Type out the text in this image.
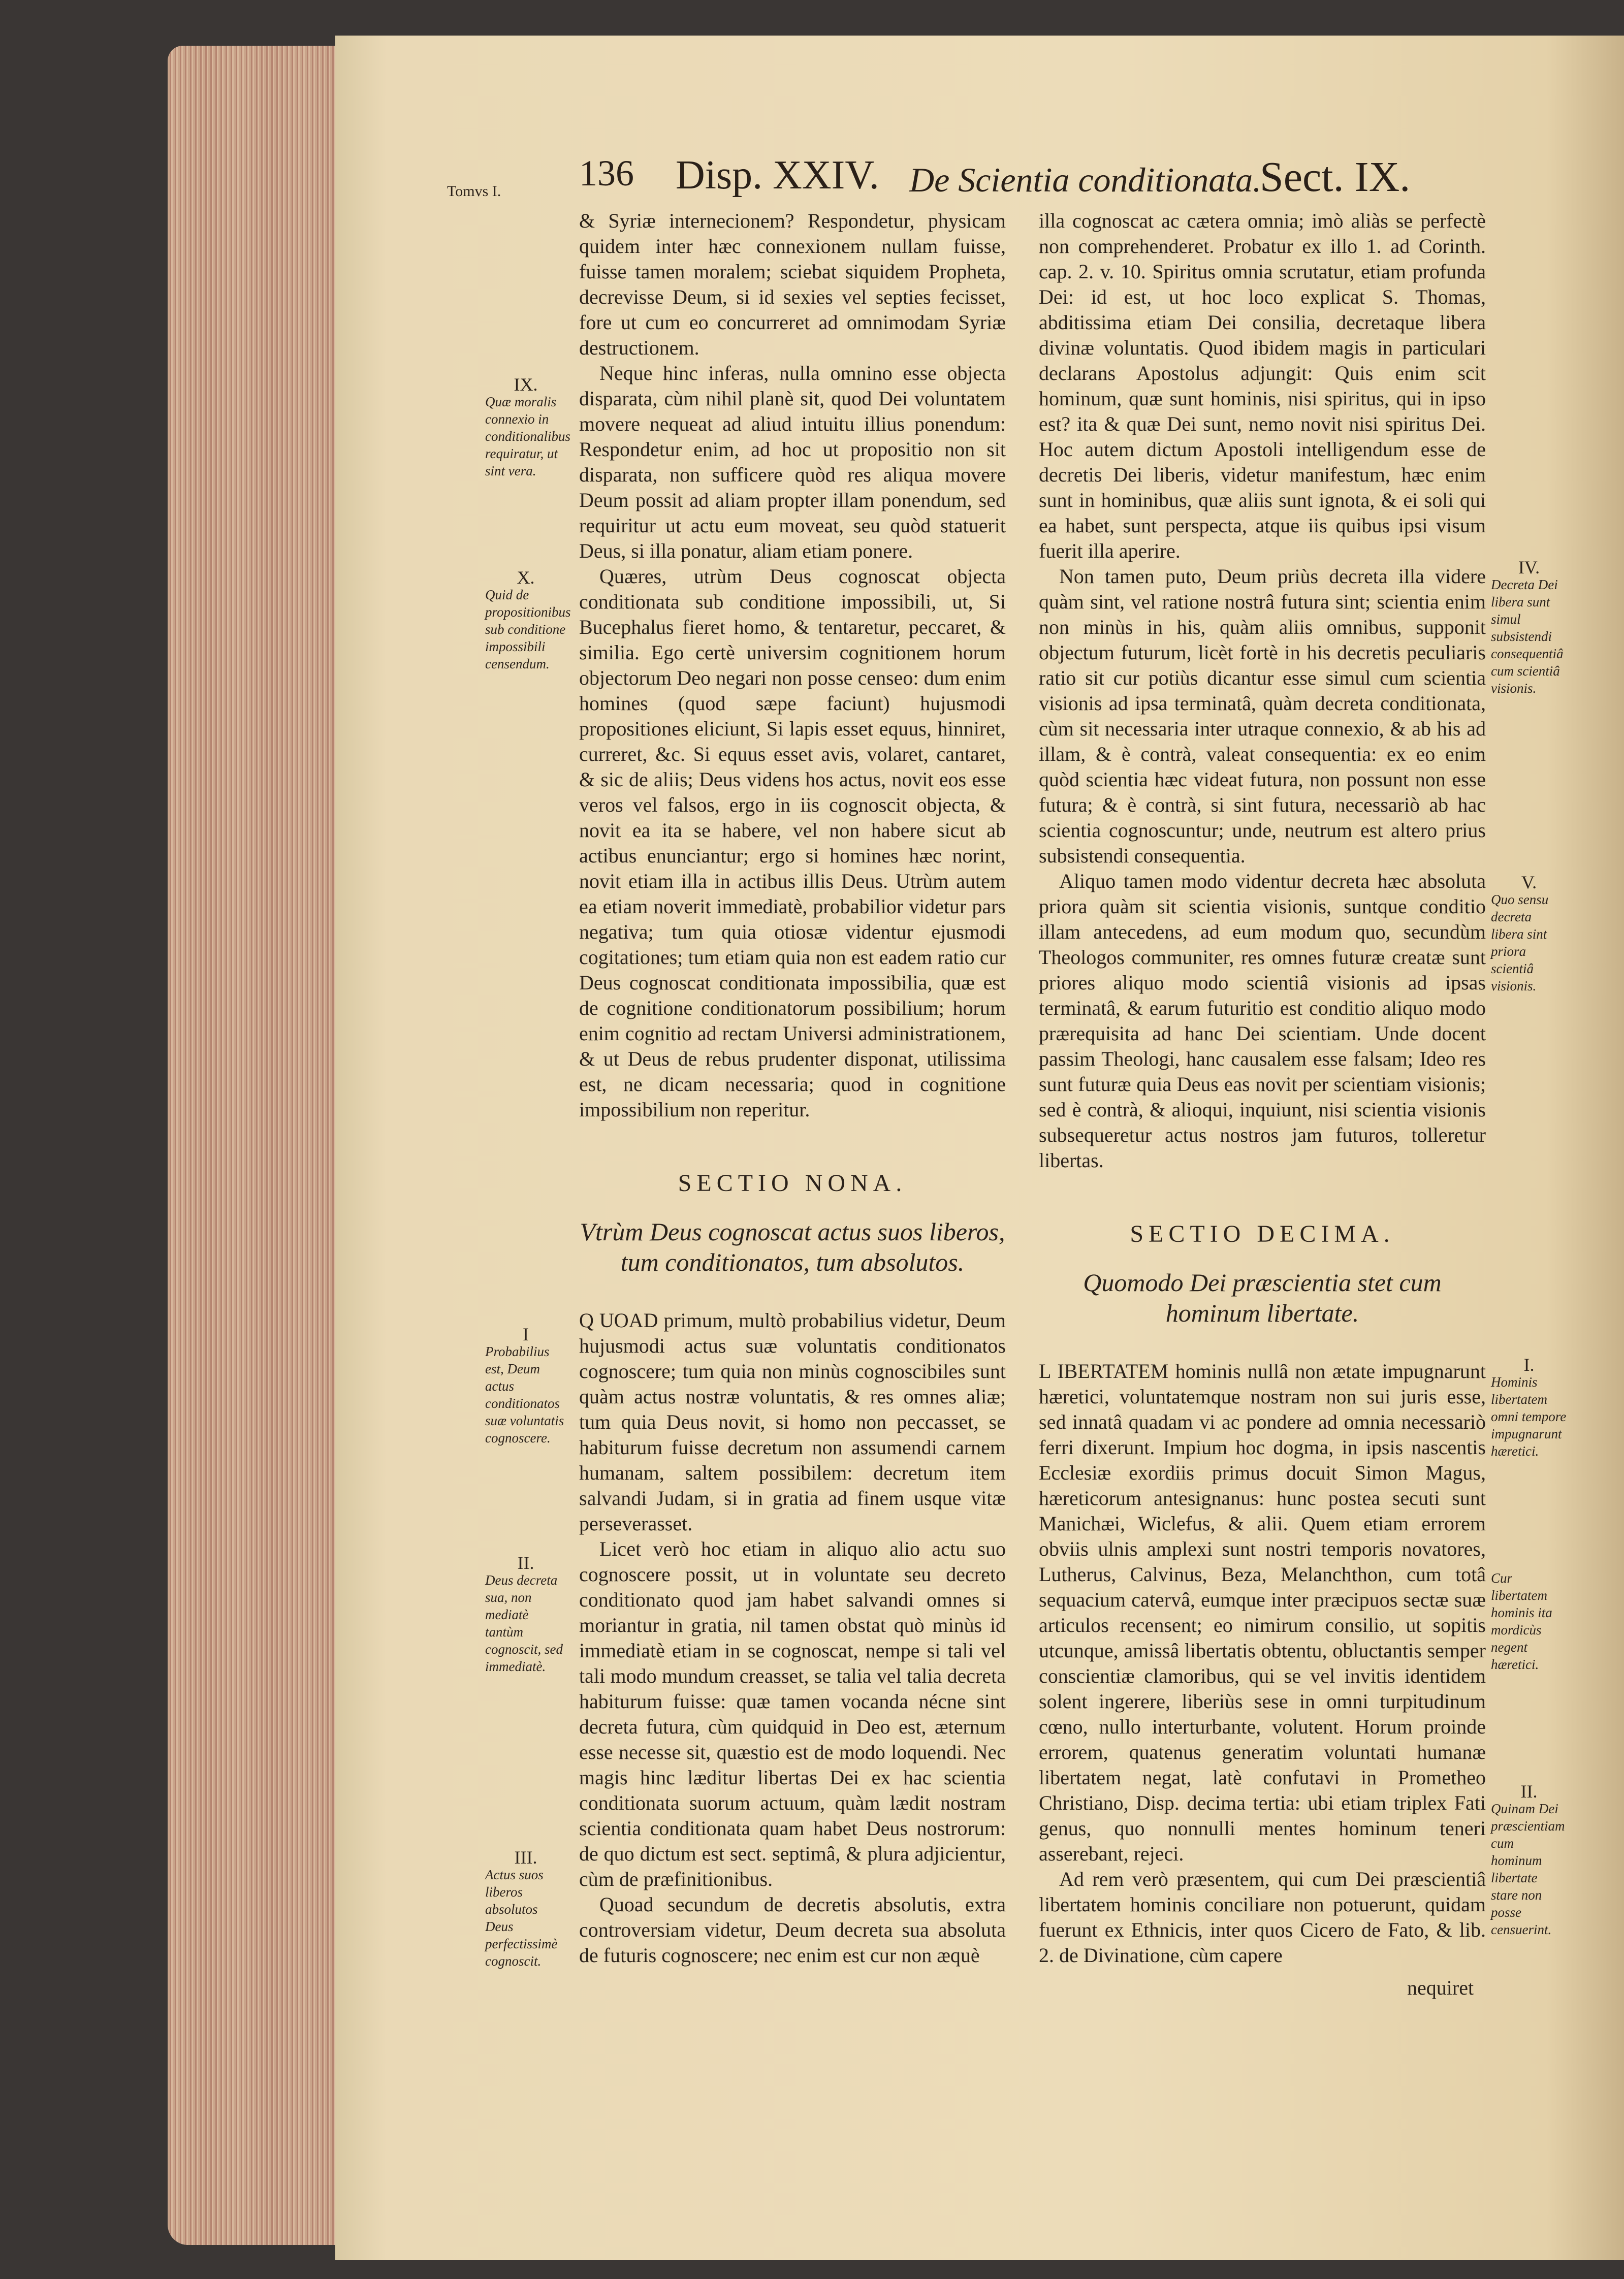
Tomvs I. 136 Disp. XXIV. De Scientia conditionata.
Sect. IX.

& Syriæ internecionem? Respondetur, physicam quidem inter hæc connexionem nullam fuisse, fuisse tamen moralem; sciebat siquidem Propheta, decrevisse Deum, si id sexies vel septies fecisset, fore ut cum eo concurreret ad omnimodam Syriæ destructionem.

Neque hinc inferas, nulla omnino esse objecta disparata, cùm nihil planè sit, quod Dei voluntatem movere nequeat ad aliud intuitu illius ponendum: Respondetur enim, ad hoc ut propositio non sit disparata, non sufficere quòd res aliqua movere Deum possit ad aliam propter illam ponendum, sed requiritur ut actu eum moveat, seu quòd statuerit Deus, si illa ponatur, aliam etiam ponere.

Quæres, utrùm Deus cognoscat objecta conditionata sub conditione impossibili, ut, Si Bucephalus fieret homo, & tentaretur, peccaret, & similia. Ego certè universim cognitionem horum objectorum Deo negari non posse censeo: dum enim homines (quod sæpe faciunt) hujusmodi propositiones eliciunt, Si lapis esset equus, hinniret, curreret, &c. Si equus esset avis, volaret, cantaret, & sic de aliis; Deus videns hos actus, novit eos esse veros vel falsos, ergo in iis cognoscit objecta, & novit ea ita se habere, vel non habere sicut ab actibus enunciantur; ergo si homines hæc norint, novit etiam illa in actibus illis Deus. Utrùm autem ea etiam noverit immediatè, probabilior videtur pars negativa; tum quia otiosæ videntur ejusmodi cogitationes; tum etiam quia non est eadem ratio cur Deus cognoscat conditionata impossibilia, quæ est de cognitione conditionatorum possibilium; horum enim cognitio ad rectam Universi administrationem, & ut Deus de rebus prudenter disponat, utilissima est, ne dicam necessaria; quod in cognitione impossibilium non reperitur.

SECTIO NONA.
Vtrùm Deus cognoscat actus suos liberos, tum conditionatos, tum absolutos.

Q UOAD primum, multò probabilius videtur, Deum hujusmodi actus suæ voluntatis conditionatos cognoscere; tum quia non minùs cognoscibiles sunt quàm actus nostræ voluntatis, & res omnes aliæ; tum quia Deus novit, si homo non peccasset, se habiturum fuisse decretum non assumendi carnem humanam, saltem possibilem: decretum item salvandi Judam, si in gratia ad finem usque vitæ perseverasset.

Licet verò hoc etiam in aliquo alio actu suo cognoscere possit, ut in voluntate seu decreto conditionato quod jam habet salvandi omnes si moriantur in gratia, nil tamen obstat quò minùs id immediatè etiam in se cognoscat, nempe si tali vel tali modo mundum creasset, se talia vel talia decreta habiturum fuisse: quæ tamen vocanda nécne sint decreta futura, cùm quidquid in Deo est, æternum esse necesse sit, quæstio est de modo loquendi. Nec magis hinc læditur libertas Dei ex hac scientia conditionata suorum actuum, quàm lædit nostram scientia conditionata quam habet Deus nostrorum: de quo dictum est sect. septimâ, & plura adjicientur, cùm de præfinitionibus.

Quoad secundum de decretis absolutis, extra controversiam videtur, Deum decreta sua absoluta de futuris cognoscere; nec enim est cur non æquè

illa cognoscat ac cætera omnia; imò aliàs se perfectè non comprehenderet. Probatur ex illo 1. ad Corinth. cap. 2. v. 10. Spiritus omnia scrutatur, etiam profunda Dei: id est, ut hoc loco explicat S. Thomas, abditissima etiam Dei consilia, decretaque libera divinæ voluntatis. Quod ibidem magis in particulari declarans Apostolus adjungit: Quis enim scit hominum, quæ sunt hominis, nisi spiritus, qui in ipso est? ita & quæ Dei sunt, nemo novit nisi spiritus Dei. Hoc autem dictum Apostoli intelligendum esse de decretis Dei liberis, videtur manifestum, hæc enim sunt in hominibus, quæ aliis sunt ignota, & ei soli qui ea habet, sunt perspecta, atque iis quibus ipsi visum fuerit illa aperire.

Non tamen puto, Deum priùs decreta illa videre quàm sint, vel ratione nostrâ futura sint; scientia enim non minùs in his, quàm aliis omnibus, supponit objectum futurum, licèt fortè in his decretis peculiaris ratio sit cur potiùs dicantur esse simul cum scientia visionis ad ipsa terminatâ, quàm decreta conditionata, cùm sit necessaria inter utraque connexio, & ab his ad illam, & è contrà, valeat consequentia: ex eo enim quòd scientia hæc videat futura, non possunt non esse futura; & è contrà, si sint futura, necessariò ab hac scientia cognoscuntur; unde, neutrum est altero prius subsistendi consequentia.

Aliquo tamen modo videntur decreta hæc absoluta priora quàm sit scientia visionis, suntque conditio illam antecedens, ad eum modum quo, secundùm Theologos communiter, res omnes futuræ creatæ sunt priores aliquo modo scientiâ visionis ad ipsas terminatâ, & earum futuritio est conditio aliquo modo prærequisita ad hanc Dei scientiam. Unde docent passim Theologi, hanc causalem esse falsam; Ideo res sunt futuræ quia Deus eas novit per scientiam visionis; sed è contrà, & alioqui, inquiunt, nisi scientia visionis subsequeretur actus nostros jam futuros, tolleretur libertas.

SECTIO DECIMA.
Quomodo Dei præscientia stet cum hominum libertate.

L IBERTATEM hominis nullâ non ætate impugnarunt hæretici, voluntatemque nostram non sui juris esse, sed innatâ quadam vi ac pondere ad omnia necessariò ferri dixerunt. Impium hoc dogma, in ipsis nascentis Ecclesiæ exordiis primus docuit Simon Magus, hæreticorum antesignanus: hunc postea secuti sunt Manichæi, Wiclefus, & alii. Quem etiam errorem obviis ulnis amplexi sunt nostri temporis novatores, Lutherus, Calvinus, Beza, Melanchthon, cum totâ sequacium catervâ, eumque inter præcipuos sectæ suæ articulos recensent; eo nimirum consilio, ut sopitis utcunque, amissâ libertatis obtentu, obluctantis semper conscientiæ clamoribus, qui se vel invitis identidem solent ingerere, liberiùs sese in omni turpitudinum cœno, nullo interturbante, volutent. Horum proinde errorem, quatenus generatim voluntati humanæ libertatem negat, latè confutavi in Prometheo Christiano, Disp. decima tertia: ubi etiam triplex Fati genus, quo nonnulli mentes hominum teneri asserebant, rejeci.

Ad rem verò præsentem, qui cum Dei præscientiâ libertatem hominis conciliare non potuerunt, quidam fuerunt ex Ethnicis, inter quos Cicero de Fato, & lib. 2. de Divinatione, cùm capere

IX.
Quæ moralis connexio in conditionalibus requiratur, ut sint vera.
X.
Quid de propositionibus sub conditione impossibili censendum.
I
Probabilius est, Deum actus conditionatos suæ voluntatis cognoscere.
II.
Deus decreta sua, non mediatè tantùm cognoscit, sed immediatè.
III.
Actus suos liberos absolutos Deus perfectissimè cognoscit.
IV.
Decreta Dei libera sunt simul subsistendi consequentiâ cum scientiâ visionis.
V.
Quo sensu decreta libera sint priora scientiâ visionis.
I.
Hominis libertatem omni tempore impugnarunt hæretici.
Cur libertatem hominis ita mordicùs negent hæretici.
II.
Quinam Dei præscientiam cum hominum libertate stare non posse censuerint.
nequiret
